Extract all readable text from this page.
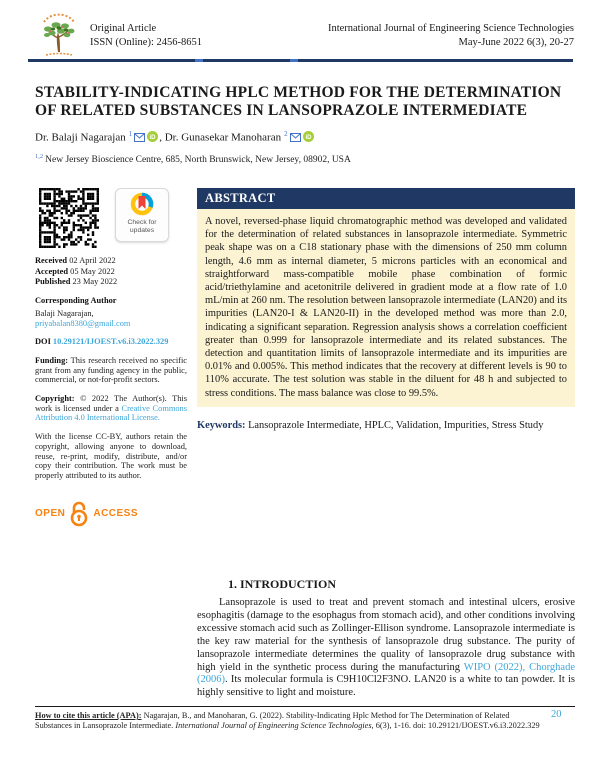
Original Article
ISSN (Online): 2456-8651
International Journal of Engineering Science Technologies
May-June 2022 6(3), 20-27
STABILITY-INDICATING HPLC METHOD FOR THE DETERMINATION OF RELATED SUBSTANCES IN LANSOPRAZOLE INTERMEDIATE
Dr. Balaji Nagarajan $^1$	iD , Dr. Gunasekar Manoharan $^2$	iD
$^{1,2}$ New Jersey Bioscience Centre, 685, North Brunswick, New Jersey, 08902, USA
Check for
updates
Received 02 April 2022
Accepted 05 May 2022
Published 23 May 2022
Corresponding Author
Balaji Nagarajan,
priyabalan8380@gmail.com
DOI 10.29121/IJOEST.v6.i3.2022.329
Funding: This research received no specific grant from any funding agency in the public, commercial, or not-for-profit sectors.
Copyright: © 2022 The Author(s). This work is licensed under a Creative Commons Attribution 4.0 International License.
With the license CC-BY, authors retain the copyright, allowing anyone to download, reuse, re-print, modify, distribute, and/or copy their contribution. The work must be properly attributed to its author.
OPEN	ACCESS
ABSTRACT
A novel, reversed-phase liquid chromatographic method was developed and validated for the determination of related substances in lansoprazole intermediate. Symmetric peak shape was on a C18 stationary phase with the dimensions of 250 mm column length, 4.6 mm as internal diameter, 5 microns particles with an economical and straightforward mass-compatible mobile phase combination of formic acid/triethylamine and acetonitrile delivered in gradient mode at a flow rate of 1.0 mL/min at 260 nm. The resolution between lansoprazole intermediate (LAN20) and its impurities (LAN20-I & LAN20-II) in the developed method was more than 2.0, indicating a significant separation. Regression analysis shows a correlation coefficient greater than 0.999 for lansoprazole intermediate and its related substances. The detection and quantitation limits of lansoprazole intermediate and its impurities are 0.01% and 0.005%. This method indicates that the recovery at different levels is 90 to 110% accurate. The test solution was stable in the diluent for 48 h and subjected to stress conditions. The mass balance was close to 99.5%.
Keywords: Lansoprazole Intermediate, HPLC, Validation, Impurities, Stress Study
1. INTRODUCTION
Lansoprazole is used to treat and prevent stomach and intestinal ulcers, erosive esophagitis (damage to the esophagus from stomach acid), and other conditions involving excessive stomach acid such as Zollinger-Ellison syndrome. Lansoprazole intermediate is the key raw material for the synthesis of lansoprazole drug substance. The purity of lansoprazole intermediate determines the quality of lansoprazole drug substance with high yield in the synthetic process during the manufacturing WIPO (2022), Chorghade (2006). Its molecular formula is C9H10Cl2F3NO. LAN20 is a white to tan powder. It is highly sensitive to light and moisture.
How to cite this article (APA): Nagarajan, B., and Manoharan, G. (2022). Stability-Indicating Hplc Method for The Determination of Related Substances in Lansoprazole Intermediate. International Journal of Engineering Science Technologies, 6(3), 1-16. doi: 10.29121/IJOEST.v6.i3.2022.329
20
